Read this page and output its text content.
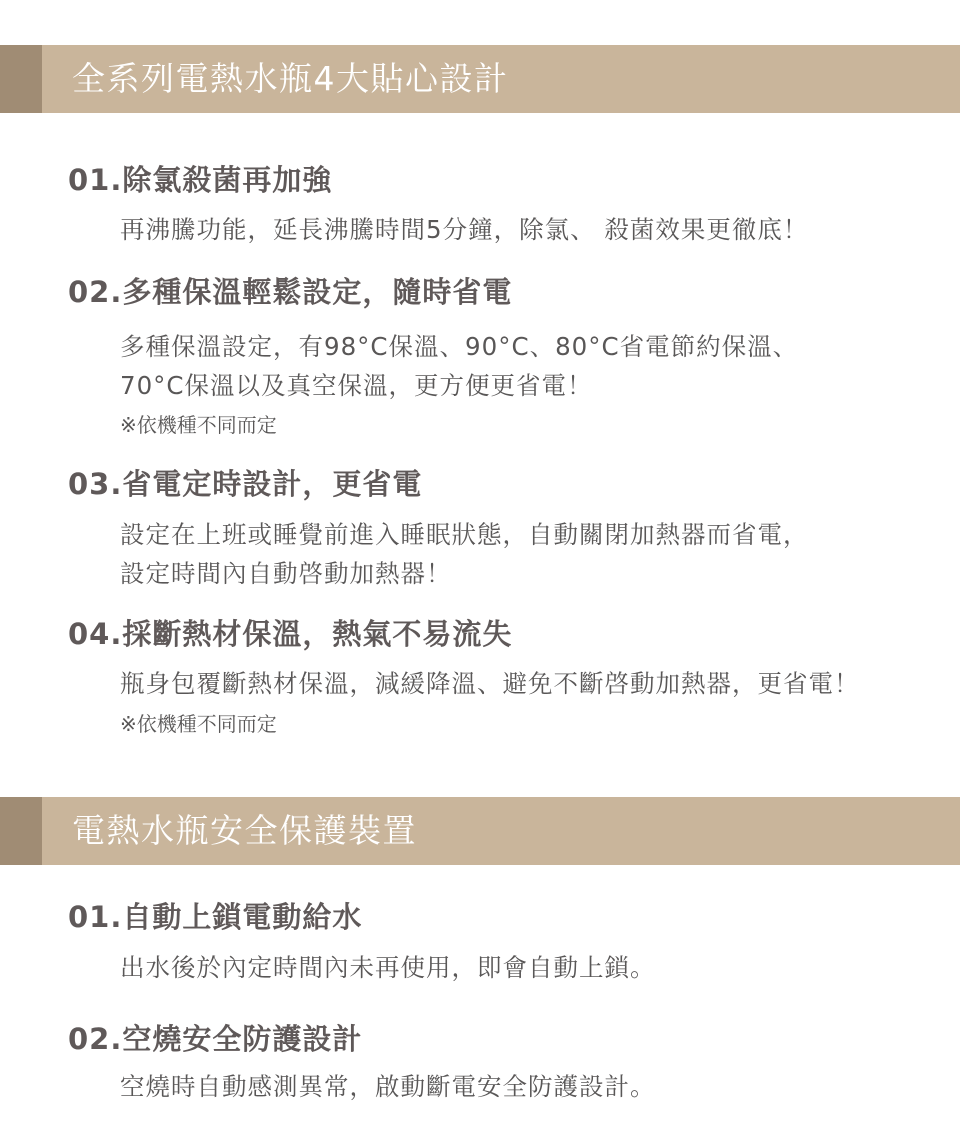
全系列電熱水瓶4大貼心設計
01.除氯殺菌再加強
再沸騰功能，延長沸騰時間5分鐘，除氯、 殺菌效果更徹底！
02.多種保溫輕鬆設定，隨時省電
多種保溫設定，有98°C保溫、90°C、80°C省電節約保溫、
70°C保溫以及真空保溫，更方便更省電！
※依機種不同而定
03.省電定時設計，更省電
設定在上班或睡覺前進入睡眠狀態，自動關閉加熱器而省電，
設定時間內自動啓動加熱器！
04.採斷熱材保溫，熱氣不易流失
瓶身包覆斷熱材保溫，減緩降溫、避免不斷啓動加熱器，更省電！
※依機種不同而定
電熱水瓶安全保護裝置
01.自動上鎖電動給水
出水後於內定時間內未再使用，即會自動上鎖。
02.空燒安全防護設計
空燒時自動感測異常，啟動斷電安全防護設計。
